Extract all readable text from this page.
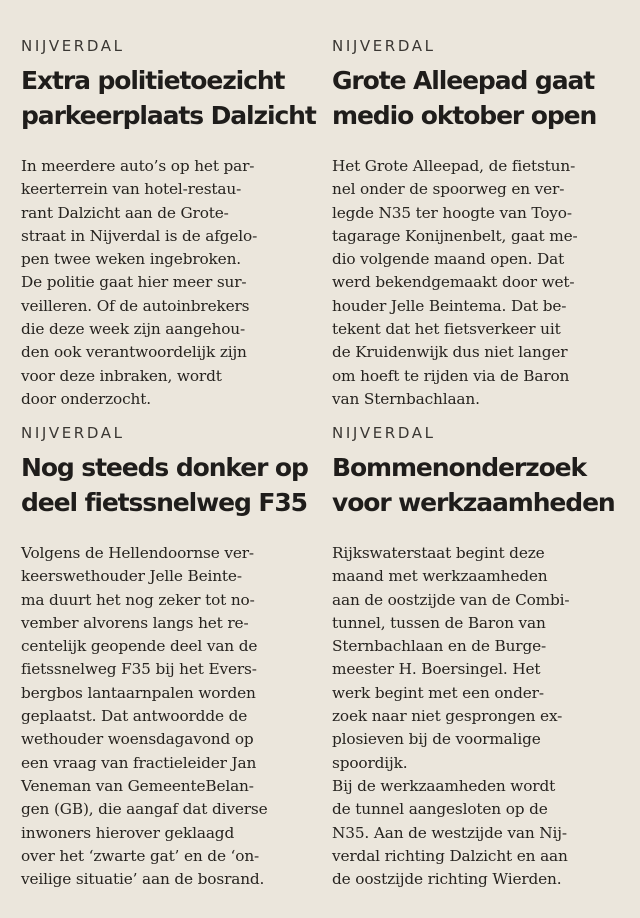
NIJVERDAL

Extra politietoezicht
parkeerplaats Dalzicht

In meerdere auto’s op het par-
keerterrein van hotel-restau-
rant Dalzicht aan de Grote-
straat in Nijverdal is de afgelo-
pen twee weken ingebroken.
De politie gaat hier meer sur-
veilleren. Of de autoinbrekers
die deze week zijn aangehou-
den ook verantwoordelijk zijn
voor deze inbraken, wordt
door onderzocht.

NIJVERDAL

Grote Alleepad gaat
medio oktober open

Het Grote Alleepad, de fietstun-
nel onder de spoorweg en ver-
legde N35 ter hoogte van Toyo-
tagarage Konijnenbelt, gaat me-
dio volgende maand open. Dat
werd bekendgemaakt door wet-
houder Jelle Beintema. Dat be-
tekent dat het fietsverkeer uit
de Kruidenwijk dus niet langer
om hoeft te rijden via de Baron
van Sternbachlaan.

NIJVERDAL

Nog steeds donker op
deel fietssnelweg F35

Volgens de Hellendoornse ver-
keerswethouder Jelle Beinte-
ma duurt het nog zeker tot no-
vember alvorens langs het re-
centelijk geopende deel van de
fietssnelweg F35 bij het Evers-
bergbos lantaarnpalen worden
geplaatst. Dat antwoordde de
wethouder woensdagavond op
een vraag van fractieleider Jan
Veneman van GemeenteBelan-
gen (GB), die aangaf dat diverse
inwoners hierover geklaagd
over het ‘zwarte gat’ en de ‘on-
veilige situatie’ aan de bosrand.

NIJVERDAL

Bommenonderzoek
voor werkzaamheden

Rijkswaterstaat begint deze
maand met werkzaamheden
aan de oostzijde van de Combi-
tunnel, tussen de Baron van
Sternbachlaan en de Burge-
meester H. Boersingel. Het
werk begint met een onder-
zoek naar niet gesprongen ex-
plosieven bij de voormalige
spoordijk.
Bij de werkzaamheden wordt
de tunnel aangesloten op de
N35. Aan de westzijde van Nij-
verdal richting Dalzicht en aan
de oostzijde richting Wierden.
